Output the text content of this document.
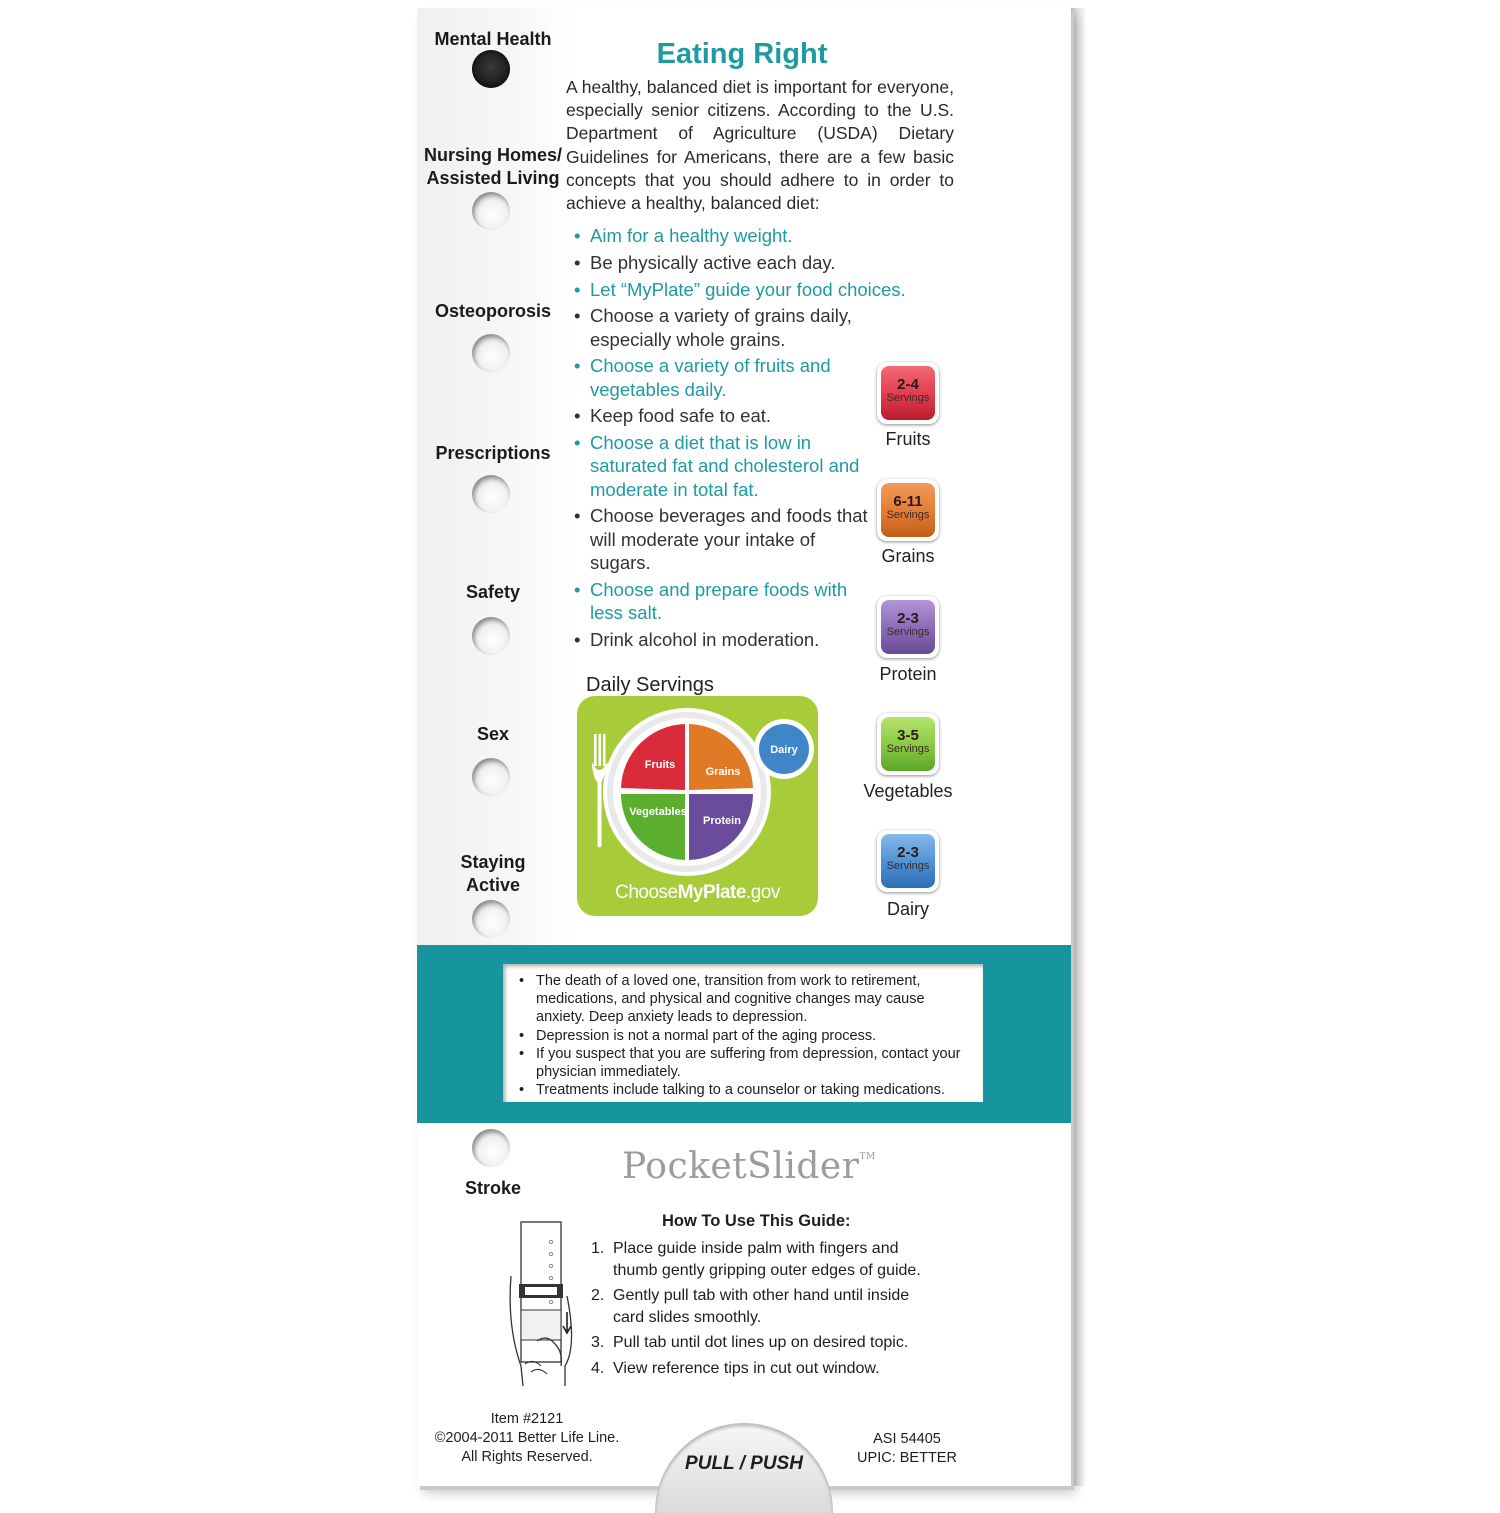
Mental Health
Nursing Homes/ Assisted Living
Osteoporosis
Prescriptions
Safety
Sex
Staying Active
Eating Right
A healthy, balanced diet is important for everyone, especially senior citizens. According to the U.S. Department of Agriculture (USDA) Dietary Guidelines for Americans, there are a few basic concepts that you should adhere to in order to achieve a healthy, balanced diet:
• Aim for a healthy weight.
• Be physically active each day.
• Let “MyPlate” guide your food choices.
• Choose a variety of grains daily, especially whole grains.
• Choose a variety of fruits and vegetables daily.
• Keep food safe to eat.
• Choose a diet that is low in saturated fat and cholesterol and moderate in total fat.
• Choose beverages and foods that will moderate your intake of sugars.
• Choose and prepare foods with less salt.
• Drink alcohol in moderation.
Daily Servings
Fruits
Grains
Vegetables
Protein
Dairy
ChooseMyPlate.gov
2-4
Servings
Fruits
6-11
Servings
Grains
2-3
Servings
Protein
3-5
Servings
Vegetables
2-3
Servings
Dairy
• The death of a loved one, transition from work to retirement, medications, and physical and cognitive changes may cause anxiety. Deep anxiety leads to depression.
• Depression is not a normal part of the aging process.
• If you suspect that you are suffering from depression, contact your physician immediately.
• Treatments include talking to a counselor or taking medications.
Stroke
PocketSlider™
How To Use This Guide:
1. Place guide inside palm with fingers and thumb gently gripping outer edges of guide.
2. Gently pull tab with other hand until inside card slides smoothly.
3. Pull tab until dot lines up on desired topic.
4. View reference tips in cut out window.
Item #2121
©2004-2011 Better Life Line.
All Rights Reserved.
ASI 54405
UPIC: BETTER
PULL / PUSH
